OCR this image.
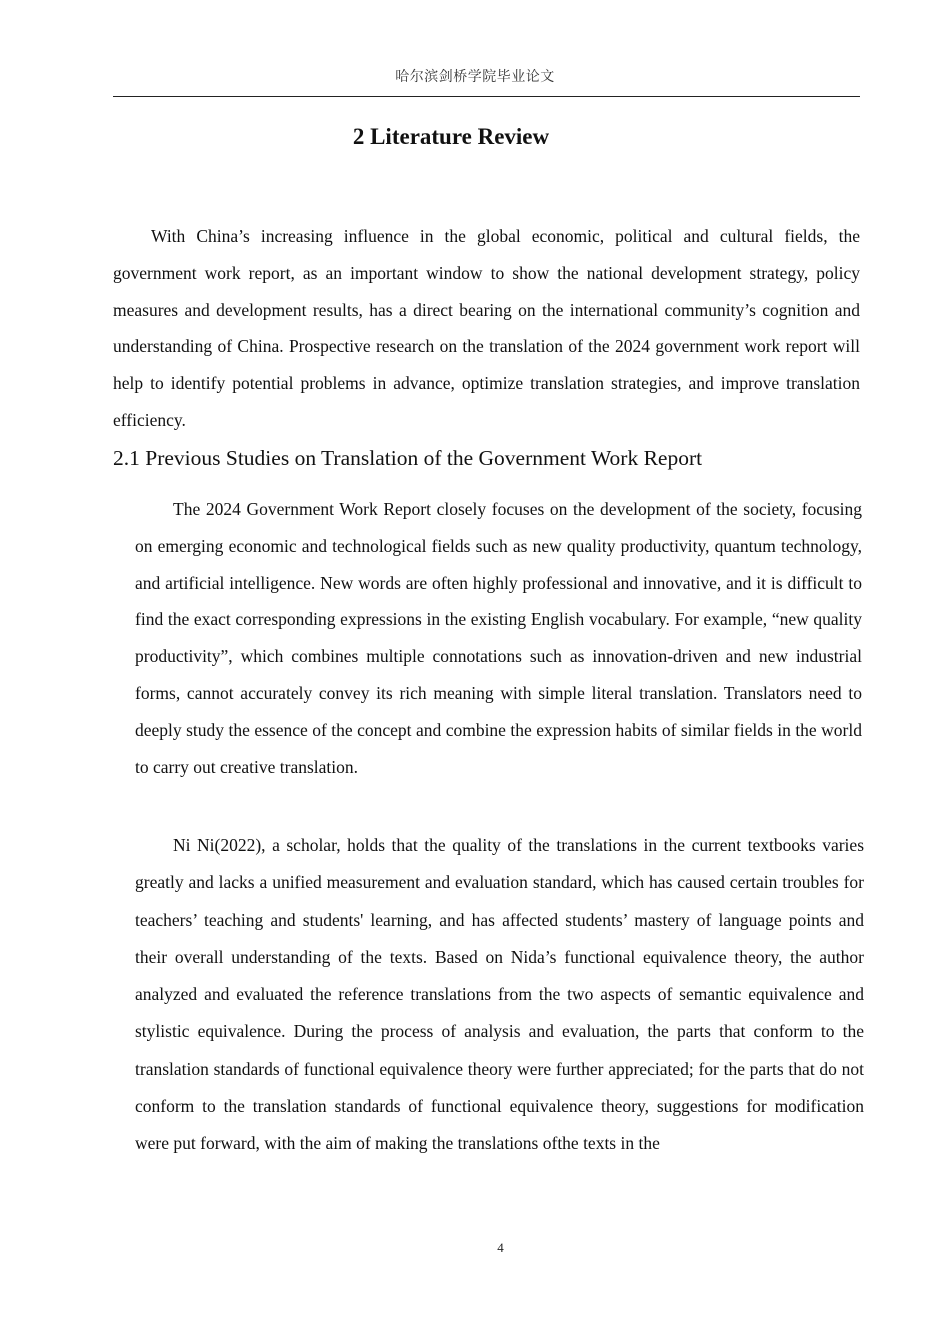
哈尔滨剑桥学院毕业论文
2 Literature Review

With China’s increasing influence in the global economic, political and cultural fields, the government work report, as an important window to show the national development strategy, policy measures and development results, has a direct bearing on the international community’s cognition and understanding of China. Prospective research on the translation of the 2024 government work report will help to identify potential problems in advance, optimize translation strategies, and improve translation efficiency.

2.1 Previous Studies on Translation of the Government Work Report

The 2024 Government Work Report closely focuses on the development of the society, focusing on emerging economic and technological fields such as new quality productivity, quantum technology, and artificial intelligence. New words are often highly professional and innovative, and it is difficult to find the exact corresponding expressions in the existing English vocabulary. For example, “new quality productivity”, which combines multiple connotations such as innovation-driven and new industrial forms, cannot accurately convey its rich meaning with simple literal translation. Translators need to deeply study the essence of the concept and combine the expression habits of similar fields in the world to carry out creative translation.

Ni Ni(2022), a scholar, holds that the quality of the translations in the current textbooks varies greatly and lacks a unified measurement and evaluation standard, which has caused certain troubles for teachers’ teaching and students' learning, and has affected students’ mastery of language points and their overall understanding of the texts. Based on Nida’s functional equivalence theory, the author analyzed and evaluated the reference translations from the two aspects of semantic equivalence and stylistic equivalence. During the process of analysis and evaluation, the parts that conform to the translation standards of functional equivalence theory were further appreciated; for the parts that do not conform to the translation standards of functional equivalence theory, suggestions for modification were put forward, with the aim of making the translations ofthe texts in the

4
